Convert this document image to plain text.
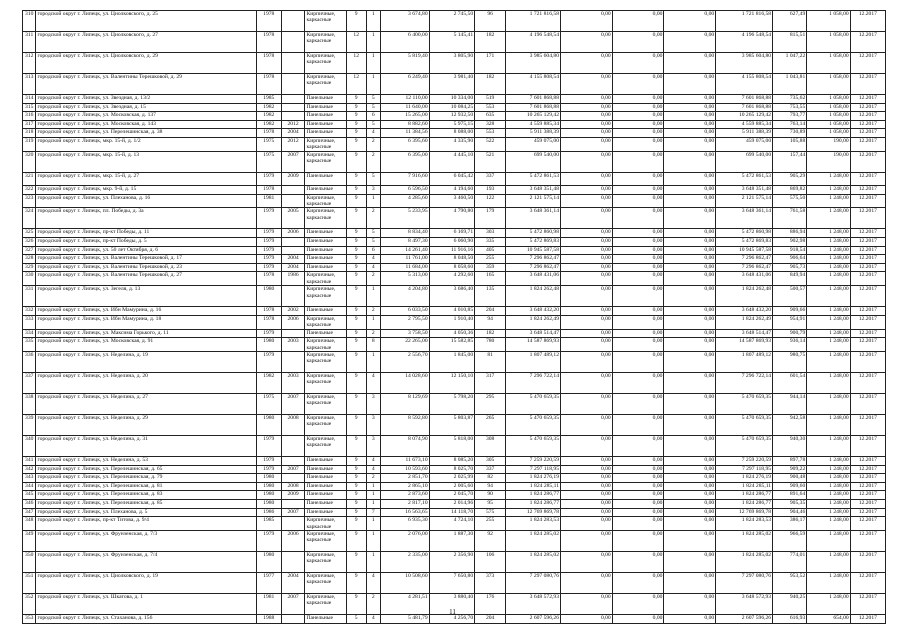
310	городской округ г. Липецк, ул. Циолковского, д. 25	1978		Кирпичные, каркасные	9	1	3 674,80	2 745,50	96	1 721 816,58	0,00	0,00	0,00	1 721 816,58	627,49	1 058,00	12.2017
311	городской округ г. Липецк, ул. Циолковского, д. 27	1978		Кирпичные, каркасные	12	1	6 400,00	5 145,41	182	4 196 548,54	0,00	0,00	0,00	4 196 548,54	815,51	1 058,00	12.2017
312	городской округ г. Липецк, ул. Циолковского, д. 29	1978		Кирпичные, каркасные	12	1	5 819,40	3 805,90	171	3 985 604,80	0,00	0,00	0,00	3 985 604,80	1 047,22	1 058,00	12.2017
313	городской округ г. Липецк, ул. Валентины Терешковой, д. 29	1978		Кирпичные, каркасные	12	1	6 249,40	3 981,40	182	4 155 808,54	0,00	0,00	0,00	4 155 808,54	1 043,81	1 058,00	12.2017
314	городской округ г. Липецк, ул. Звездная, д. 13/2	1985		Панельные	9	5	12 110,00	10 334,00	519	7 601 868,88	0,00	0,00	0,00	7 601 868,88	735,62	1 058,00	12.2017
315	городской округ г. Липецк, ул. Звездная, д. 15	1982		Панельные	9	5	11 640,00	10 084,25	553	7 601 868,88	0,00	0,00	0,00	7 601 868,88	753,55	1 058,00	12.2017
316	городской округ г. Липецк, ул. Московская, д. 137	1982		Панельные	9	6	15 265,00	12 932,50	635	10 265 129,42	0,00	0,00	0,00	10 265 129,42	793,77	1 058,00	12.2017
317	городской округ г. Липецк, ул. Московская, д. 143	1982	2012	Панельные	9	5	8 882,60	5 975,15	328	4 559 885,34	0,00	0,00	0,00	4 559 885,34	763,14	1 058,00	12.2017
318	городской округ г. Липецк, ул. Перелешинская, д. 38	1978	2004	Панельные	9	4	11 384,56	8 088,00	553	5 911 388,39	0,00	0,00	0,00	5 911 388,39	730,89	1 058,00	12.2017
319	городской округ г. Липецк, мкр. 15-й, д. 1/2	1975	2012	Кирпичные, каркасные	9	2	6 395,60	4 335,90	522	459 075,00	0,00	0,00	0,00	459 075,00	105,88	190,00	12.2017
320	городской округ г. Липецк, мкр. 15-й, д. 13	1975	2007	Кирпичные, каркасные	9	2	6 395,00	4 445,10	521	699 540,00	0,00	0,00	0,00	699 540,00	157,44	190,00	12.2017
321	городской округ г. Липецк, мкр. 15-й, д. 27	1979	2009	Панельные	9	5	7 916,60	6 045,42	337	5 472 861,53	0,00	0,00	0,00	5 472 861,53	905,29	1 248,00	12.2017
322	городской округ г. Липецк, мкр. 9-й, д. 15	1978		Панельные	9	3	6 596,50	4 194,60	193	3 648 351,48	0,00	0,00	0,00	3 648 351,48	869,82	1 248,00	12.2017
323	городской округ г. Липецк, ул. Плеханова, д. 16	1981		Кирпичные, каркасные	9	1	4 285,60	3 460,50	122	2 121 575,14	0,00	0,00	0,00	2 121 575,14	575,50	1 248,00	12.2017
324	городской округ г. Липецк, пл. Победы, д. 3а	1979	2005	Кирпичные, каркасные	9	2	5 233,95	4 790,80	179	3 648 361,14	0,00	0,00	0,00	3 648 361,14	761,58	1 248,00	12.2017
325	городской округ г. Липецк, пр-кт Победы, д. 11	1979	2006	Панельные	9	5	8 834,40	6 169,71	303	5 472 860,98	0,00	0,00	0,00	5 472 860,98	886,94	1 248,00	12.2017
326	городской округ г. Липецк, пр-кт Победы, д. 5	1979		Панельные	9	5	8 497,30	6 060,90	335	5 472 869,83	0,00	0,00	0,00	5 472 869,83	902,98	1 248,00	12.2017
327	городской округ г. Липецк, ул. 50 лет Октября, д. 6	1979		Панельные	9	6	14 261,40	11 916,16	405	10 945 587,58	0,00	0,00	0,00	10 945 587,58	918,54	1 248,00	12.2017
328	городской округ г. Липецк, ул. Валентины Терешковой, д. 17	1979	2004	Панельные	9	4	11 761,00	8 048,50	255	7 296 862,47	0,00	0,00	0,00	7 296 862,47	906,64	1 248,00	12.2017
329	городской округ г. Липецк, ул. Валентины Терешковой, д. 23	1979	2004	Панельные	9	4	11 684,00	8 058,60	359	7 296 862,47	0,00	0,00	0,00	7 296 862,47	905,73	1 248,00	12.2017
330	городской округ г. Липецк, ул. Валентины Терешковой, д. 27	1978	1986	Кирпичные, каркасные	9	2	5 313,00	4 292,60	165	3 648 431,06	0,00	0,00	0,00	3 648 431,06	849,94	1 248,00	12.2017
331	городской округ г. Липецк, ул. Зегеля, д. 13	1980		Кирпичные, каркасные	9	1	4 204,80	3 686,40	135	1 824 262,48	0,00	0,00	0,00	1 824 262,48	500,57	1 248,00	12.2017
332	городской округ г. Липецк, ул. Ибн Мамурина, д. 16	1978	2002	Панельные	9	2	6 033,50	4 010,85	204	3 648 432,20	0,00	0,00	0,00	3 648 432,20	909,66	1 248,00	12.2017
333	городской округ г. Липецк, ул. Ибн Мамурина, д. 18	1978	2006	Кирпичные, каркасные	9	1	2 795,50	1 910,40	94	1 824 262,49	0,00	0,00	0,00	1 824 262,49	954,91	1 248,00	12.2017
334	городской округ г. Липецк, ул. Максима Горького, д. 11	1979		Панельные	9	2	3 758,50	4 050,36	182	3 648 514,47	0,00	0,00	0,00	3 648 514,47	900,79	1 248,00	12.2017
335	городской округ г. Липецк, ул. Московская, д. 91	1980	2003	Кирпичные, каркасные	9	8	22 265,00	15 582,85	780	14 587 869,93	0,00	0,00	0,00	14 587 869,93	936,14	1 248,00	12.2017
336	городской округ г. Липецк, ул. Неделина, д. 19	1979		Кирпичные, каркасные	9	1	2 556,70	1 845,00	81	1 807 489,12	0,00	0,00	0,00	1 807 489,12	980,75	1 248,00	12.2017
337	городской округ г. Липецк, ул. Неделина, д. 20	1982	2003	Кирпичные, каркасные	9	4	14 028,60	12 150,10	317	7 296 722,14	0,00	0,00	0,00	7 296 722,14	601,54	1 248,00	12.2017
338	городской округ г. Липецк, ул. Неделина, д. 27	1975	2007	Кирпичные, каркасные	9	3	8 129,69	5 798,20	295	5 470 659,35	0,00	0,00	0,00	5 470 659,35	944,14	1 248,00	12.2017
339	городской округ г. Липецк, ул. Неделина, д. 29	1980	2008	Кирпичные, каркасные	9	3	8 592,80	5 803,87	265	5 470 659,35	0,00	0,00	0,00	5 470 659,35	942,58	1 248,00	12.2017
340	городской округ г. Липецк, ул. Неделина, д. 31	1979		Кирпичные, каркасные	9	3	8 074,90	5 818,00	308	5 470 659,35	0,00	0,00	0,00	5 470 659,35	940,30	1 248,00	12.2017
341	городской округ г. Липецк, ул. Неделина, д. 53	1979		Панельные	9	4	11 673,10	8 085,20	305	7 259 220,59	0,00	0,00	0,00	7 259 220,59	897,78	1 248,00	12.2017
342	городской округ г. Липецк, ул. Перелешинская, д. 65	1979	2007	Панельные	9	4	10 593,60	8 025,70	337	7 297 118,95	0,00	0,00	0,00	7 297 118,95	909,22	1 248,00	12.2017
343	городской округ г. Липецк, ул. Перелешинская, д. 79	1980		Панельные	9	2	2 851,70	2 025,99	82	1 824 276,19	0,00	0,00	0,00	1 824 276,19	900,48	1 248,00	12.2017
344	городской округ г. Липецк, ул. Перелешинская, д. 81	1980	2008	Панельные	9	1	2 865,10	2 005,60	94	1 824 285,11	0,00	0,00	0,00	1 824 285,11	909,60	1 248,00	12.2017
345	городской округ г. Липецк, ул. Перелешинская, д. 83	1980	2009	Панельные	9	1	2 873,60	2 045,70	90	1 824 286,77	0,00	0,00	0,00	1 824 286,77	891,64	1 248,00	12.2017
346	городской округ г. Липецк, ул. Перелешинская, д. 85	1980		Панельные	9	1	2 817,10	2 014,96	95	1 824 286,77	0,00	0,00	0,00	1 824 286,77	905,35	1 248,00	12.2017
347	городской округ г. Липецк, ул. Плеханова, д. 5	1986	2007	Панельные	9	7	16 563,65	14 118,70	575	12 769 869,78	0,00	0,00	0,00	12 769 869,78	904,46	1 248,00	12.2017
348	городской округ г. Липецк, пр-кт Титова, д. 9/4	1985		Кирпичные, каркасные	9	1	6 935,30	4 724,10	255	1 824 283,53	0,00	0,00	0,00	1 824 283,53	386,17	1 248,00	12.2017
349	городской округ г. Липецк, ул. Фрунзенская, д. 7/3	1979	2006	Кирпичные, каркасные	9	1	2 076,00	1 887,30	92	1 824 285,02	0,00	0,00	0,00	1 824 285,02	966,59	1 248,00	12.2017
350	городской округ г. Липецк, ул. Фрунзенская, д. 7/4	1980		Кирпичные, каркасные	9	1	2 335,00	2 356,90	106	1 824 285,02	0,00	0,00	0,00	1 824 285,02	774,01	1 248,00	12.2017
351	городской округ г. Липецк, ул. Циолковского, д. 19	1977	2004	Кирпичные, каркасные	9	4	10 508,60	7 650,80	373	7 297 080,76	0,00	0,00	0,00	7 297 080,76	953,52	1 248,00	12.2017
352	городской округ г. Липецк, ул. Шкатова, д. 1	1981	2007	Кирпичные, каркасные	9	2	4 281,51	3 880,40	176	3 648 572,93	0,00	0,00	0,00	3 648 572,93	940,25	1 248,00	12.2017
353	городской округ г. Липецк, ул. Стаханова, д. 156	1988		Панельные	5	4	5 481,79	4 256,70	204	2 607 596,26	0,00	0,00	0,00	2 607 596,26	616,93	654,00	12.2017
11
